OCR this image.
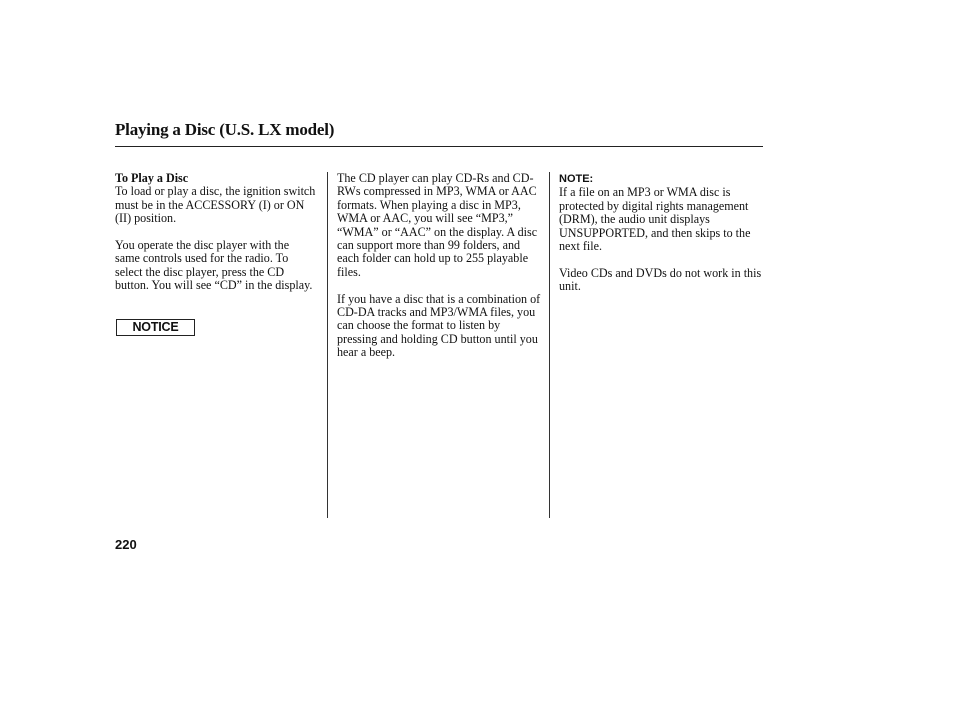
Playing a Disc (U.S. LX model)

To Play a Disc
To load or play a disc, the ignition switch must be in the ACCESSORY (I) or ON (II) position.

You operate the disc player with the same controls used for the radio. To select the disc player, press the CD button. You will see “CD” in the display.

NOTICE

The CD player can play CD-Rs and CD-RWs compressed in MP3, WMA or AAC formats. When playing a disc in MP3, WMA or AAC, you will see “MP3,” “WMA” or “AAC” on the display. A disc can support more than 99 folders, and each folder can hold up to 255 playable files.

If you have a disc that is a combination of CD-DA tracks and MP3/WMA files, you can choose the format to listen by pressing and holding CD button until you hear a beep.

NOTE:
If a file on an MP3 or WMA disc is protected by digital rights management (DRM), the audio unit displays UNSUPPORTED, and then skips to the next file.

Video CDs and DVDs do not work in this unit.

220
